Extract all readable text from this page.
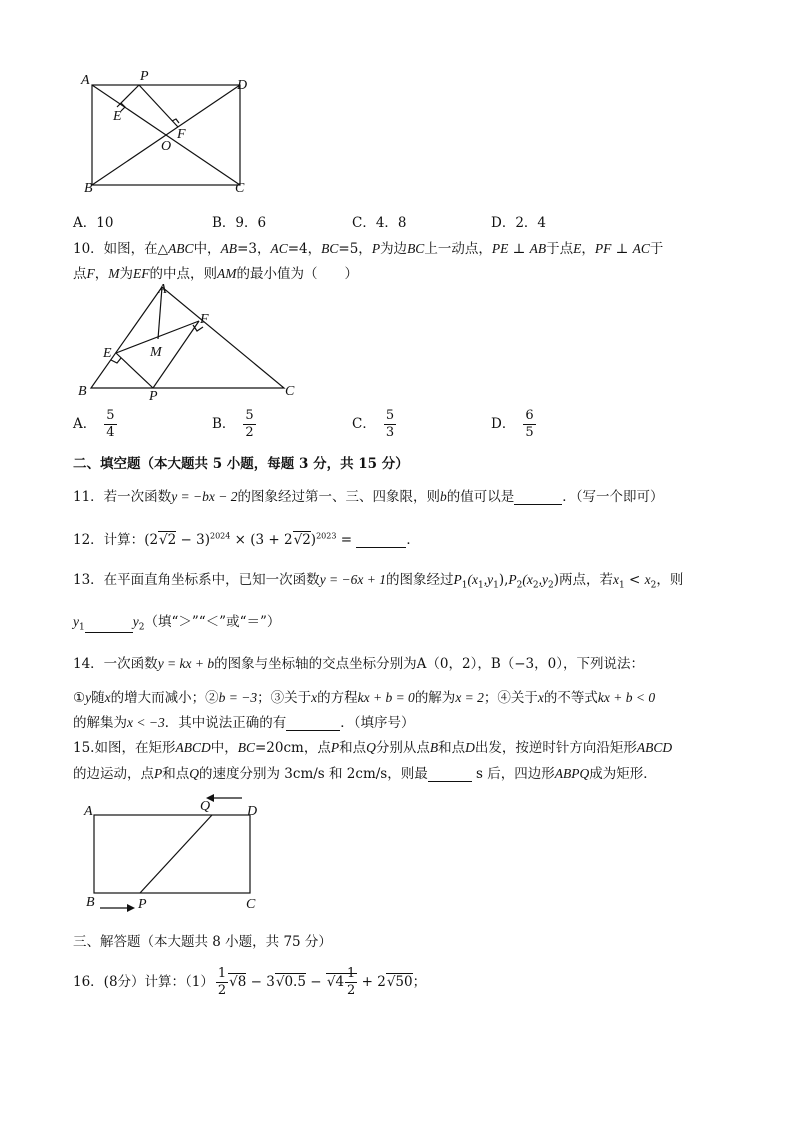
A	P
D
E
F
O
B	C
A．10	B．9．6	C．4．8	D．2．4
10．如图，在△ABC中，AB=3，AC=4，BC=5，P为边BC上一动点，PE ⊥ AB于点E，PF ⊥ AC于
点F，M为EF的中点，则AM的最小值为（　　）
A
F
E	M
B	P	C
A． $\frac{5}{4}$	B． $\frac{5}{2}$	C． $\frac{5}{3}$	D． $\frac{6}{5}$
二、填空题（本大题共 5 小题，每题 3 分，共 15 分）
11．若一次函数y = −bx − 2的图象经过第一、三、四象限，则b的值可以是	．（写一个即可）
12．计算：$(2√2 - 3)^{2024} \times (3 + 2√2)^{2023}$ =	．
13．在平面直角坐标系中，已知一次函数y = −6x + 1的图象经过$P_1(x_1,y_1),P_2(x_2,y_2)$两点，若$x_1 < x_2$，则
$y_1$	$y_2$（填“＞”“＜”或“＝”）
14．一次函数y = kx + b的图象与坐标轴的交点坐标分别为A（0，2），B（−3，0），下列说法：
①y随x的增大而减小；②b = −3；③关于x的方程kx + b = 0的解为x = 2；④关于x的不等式kx + b < 0
的解集为x < −3．其中说法正确的有	．（填序号）
15.如图，在矩形ABCD中，BC=20cm，点P和点Q分别从点B和点D出发，按逆时针方向沿矩形ABCD
的边运动，点P和点Q的速度分别为 3cm/s 和 2cm/s，则最	s 后，四边形ABPQ成为矩形．
A	Q	D
B	P	C
三、解答题（本大题共 8 小题，共 75 分）
16．(8分）计算：$(1) \frac{1}{2} √8 - 3√0.5 - √4 \frac{1}{2} + 2√50$；
